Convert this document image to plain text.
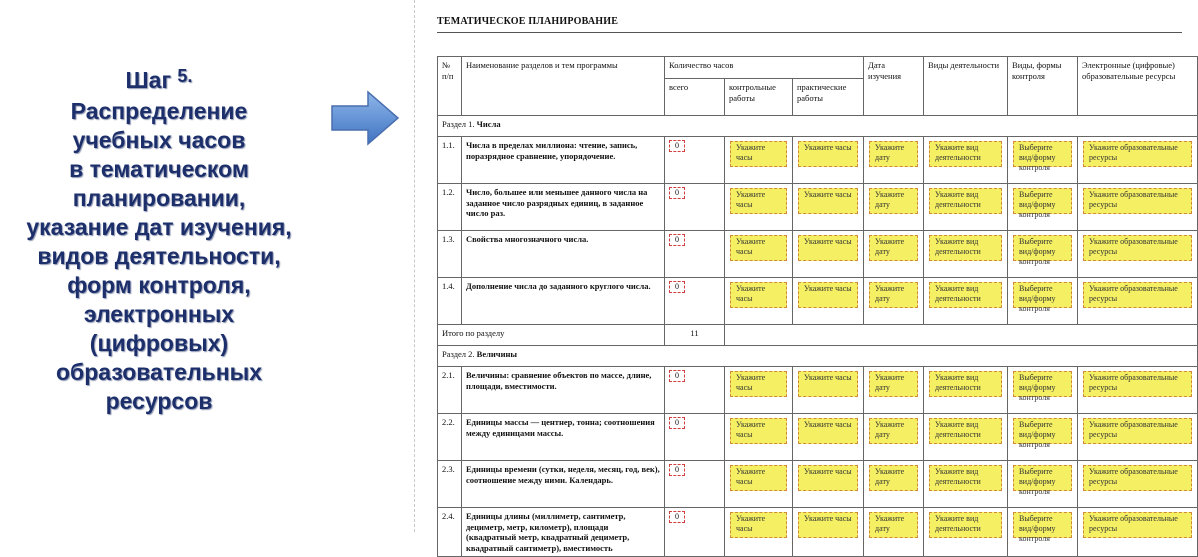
Шаг $^{5.}$
Распределение
учебных часов
в тематическом
планировании,
указание дат изучения,
видов деятельности,
форм контроля,
электронных
(цифровых)
образовательных
ресурсов
ТЕМАТИЧЕСКОЕ ПЛАНИРОВАНИЕ
№ п/п	Наименование разделов и тем программы	Количество часов			Дата изучения	Виды деятельности	Виды, формы контроля	Электронные (цифровые) образовательные ресурсы
		всего	контрольные работы	практические работы				
Раздел 1. Числа								
1.1.	Числа в пределах миллиона: чтение, запись, поразрядное сравнение, упорядочение.	0	Укажите часы	Укажите часы	Укажите дату	Укажите вид деятельности	Выберите вид/форму контроля	Укажите образовательные ресурсы

1.2.	Число, большее или меньшее данного числа на заданное число разрядных единиц, в заданное число раз.	0	Укажите часы	Укажите часы	Укажите дату	Укажите вид деятельности	Выберите вид/форму контроля	Укажите образовательные ресурсы

1.3.	Свойства многозначного числа.	0	Укажите часы	Укажите часы	Укажите дату	Укажите вид деятельности	Выберите вид/форму контроля	Укажите образовательные ресурсы

1.4.	Дополнение числа до заданного круглого числа.	0	Укажите часы	Укажите часы	Укажите дату	Укажите вид деятельности	Выберите вид/форму контроля	Укажите образовательные ресурсы

Итого по разделу		11						
Раздел 2. Величины								
2.1.	Величины: сравнение объектов по массе, длине, площади, вместимости.	0	Укажите часы	Укажите часы	Укажите дату	Укажите вид деятельности	Выберите вид/форму контроля	Укажите образовательные ресурсы

2.2.	Единицы массы — центнер, тонна; соотношения между единицами массы.	0	Укажите часы	Укажите часы	Укажите дату	Укажите вид деятельности	Выберите вид/форму контроля	Укажите образовательные ресурсы

2.3.	Единицы времени (сутки, неделя, месяц, год, век), соотношение между ними. Календарь.	0	Укажите часы	Укажите часы	Укажите дату	Укажите вид деятельности	Выберите вид/форму контроля	Укажите образовательные ресурсы

2.4.	Единицы длины (миллиметр, сантиметр, дециметр, метр, километр), площади (квадратный метр, квадратный дециметр, квадратный сантиметр), вместимость	0	Укажите часы	Укажите часы	Укажите дату	Укажите вид деятельности	Выберите вид/форму контроля	Укажите образовательные ресурсы
